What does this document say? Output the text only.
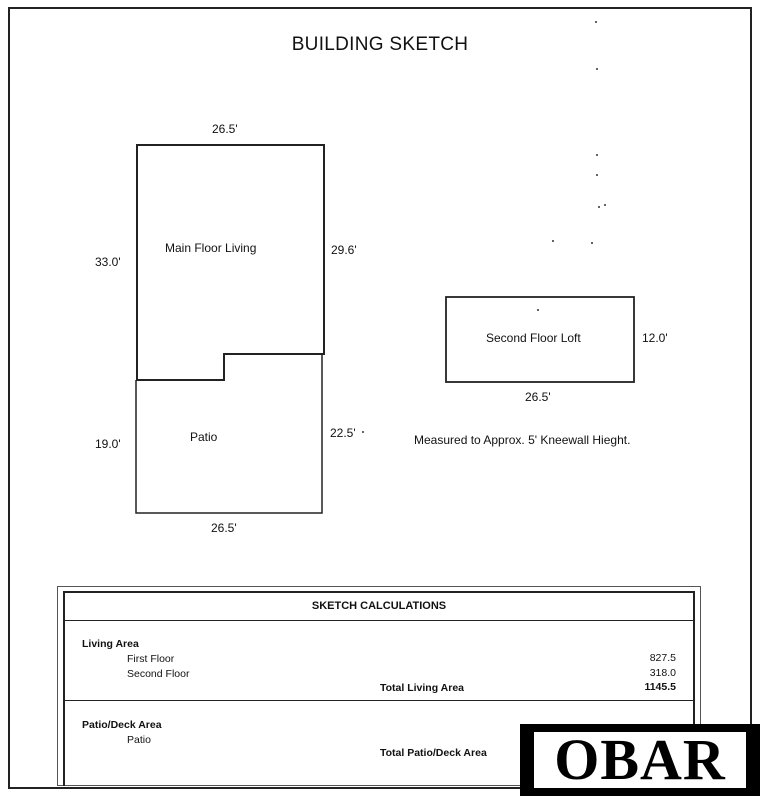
BUILDING SKETCH
26.5'
33.0'
29.6'
Main Floor Living
Patio
19.0'
22.5'
26.5'
Second Floor Loft	12.0'
26.5'
Measured to Approx. 5' Kneewall Hieght.
SKETCH CALCULATIONS
Living Area
First Floor	827.5
Second Floor	318.0
Total Living Area	1145.5
Patio/Deck Area
Patio
Total Patio/Deck Area OBAR
